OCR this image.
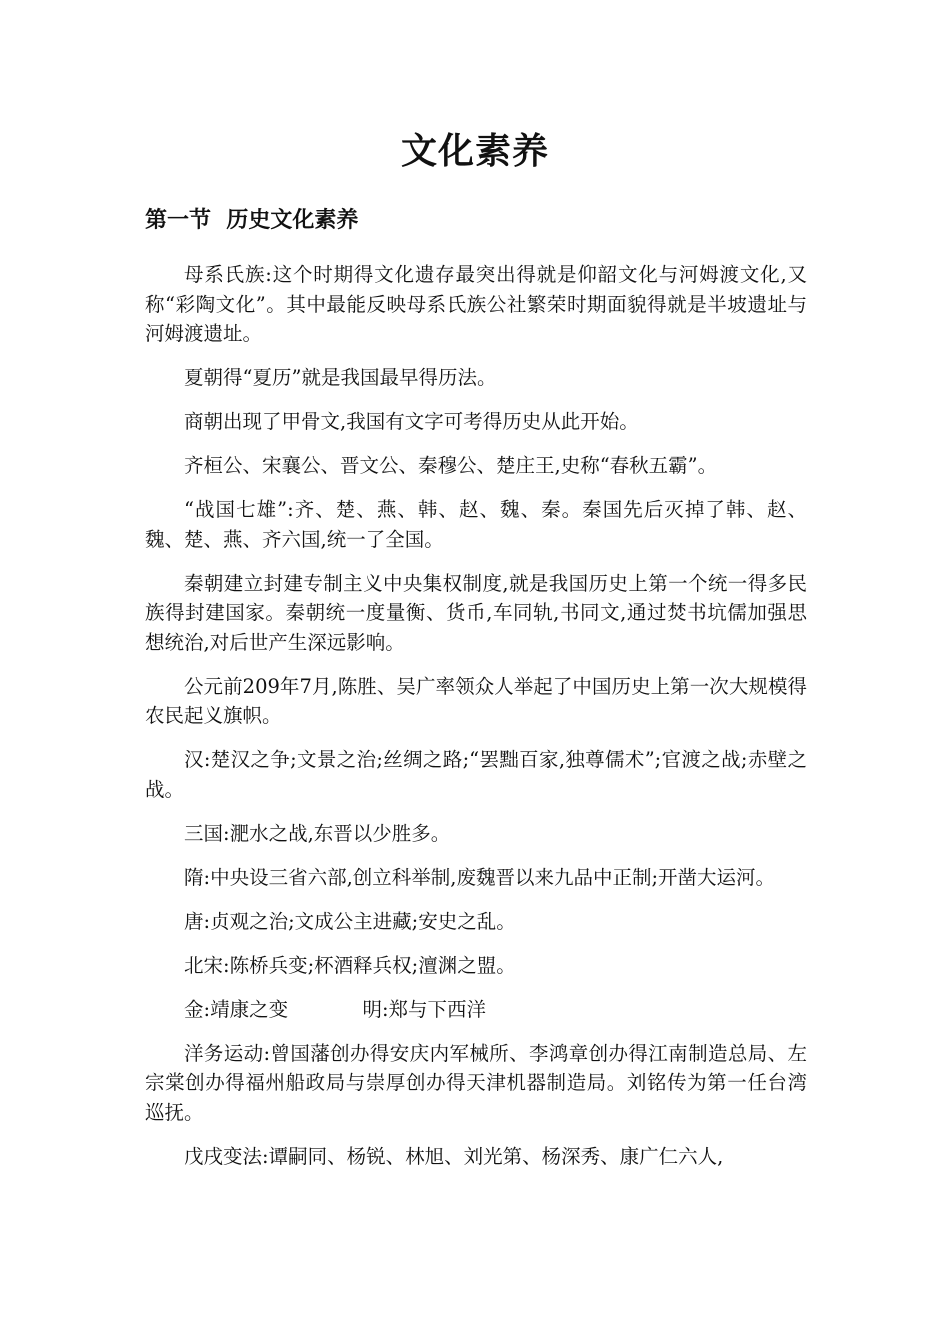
文化素养
第一节  历史文化素养

母系氏族:这个时期得文化遗存最突出得就是仰韶文化与河姆渡文化,又称“彩陶文化”。其中最能反映母系氏族公社繁荣时期面貌得就是半坡遗址与河姆渡遗址。

夏朝得“夏历”就是我国最早得历法。

商朝出现了甲骨文,我国有文字可考得历史从此开始。

齐桓公、宋襄公、晋文公、秦穆公、楚庄王,史称“春秋五霸”。

“战国七雄”:齐、楚、燕、韩、赵、魏、秦。秦国先后灭掉了韩、赵、魏、楚、燕、齐六国,统一了全国。

秦朝建立封建专制主义中央集权制度,就是我国历史上第一个统一得多民族得封建国家。秦朝统一度量衡、货币,车同轨,书同文,通过焚书坑儒加强思想统治,对后世产生深远影响。

公元前209年7月,陈胜、吴广率领众人举起了中国历史上第一次大规模得农民起义旗帜。

汉:楚汉之争;文景之治;丝绸之路;“罢黜百家,独尊儒术”;官渡之战;赤壁之战。

三国:淝水之战,东晋以少胜多。

隋:中央设三省六部,创立科举制,废魏晋以来九品中正制;开凿大运河。

唐:贞观之治;文成公主进藏;安史之乱。

北宋:陈桥兵变;杯酒释兵权;澶渊之盟。

金:靖康之变            明:郑与下西洋

洋务运动:曾国藩创办得安庆内军械所、李鸿章创办得江南制造总局、左宗棠创办得福州船政局与崇厚创办得天津机器制造局。刘铭传为第一任台湾巡抚。

戊戌变法:谭嗣同、杨锐、林旭、刘光第、杨深秀、康广仁六人,
